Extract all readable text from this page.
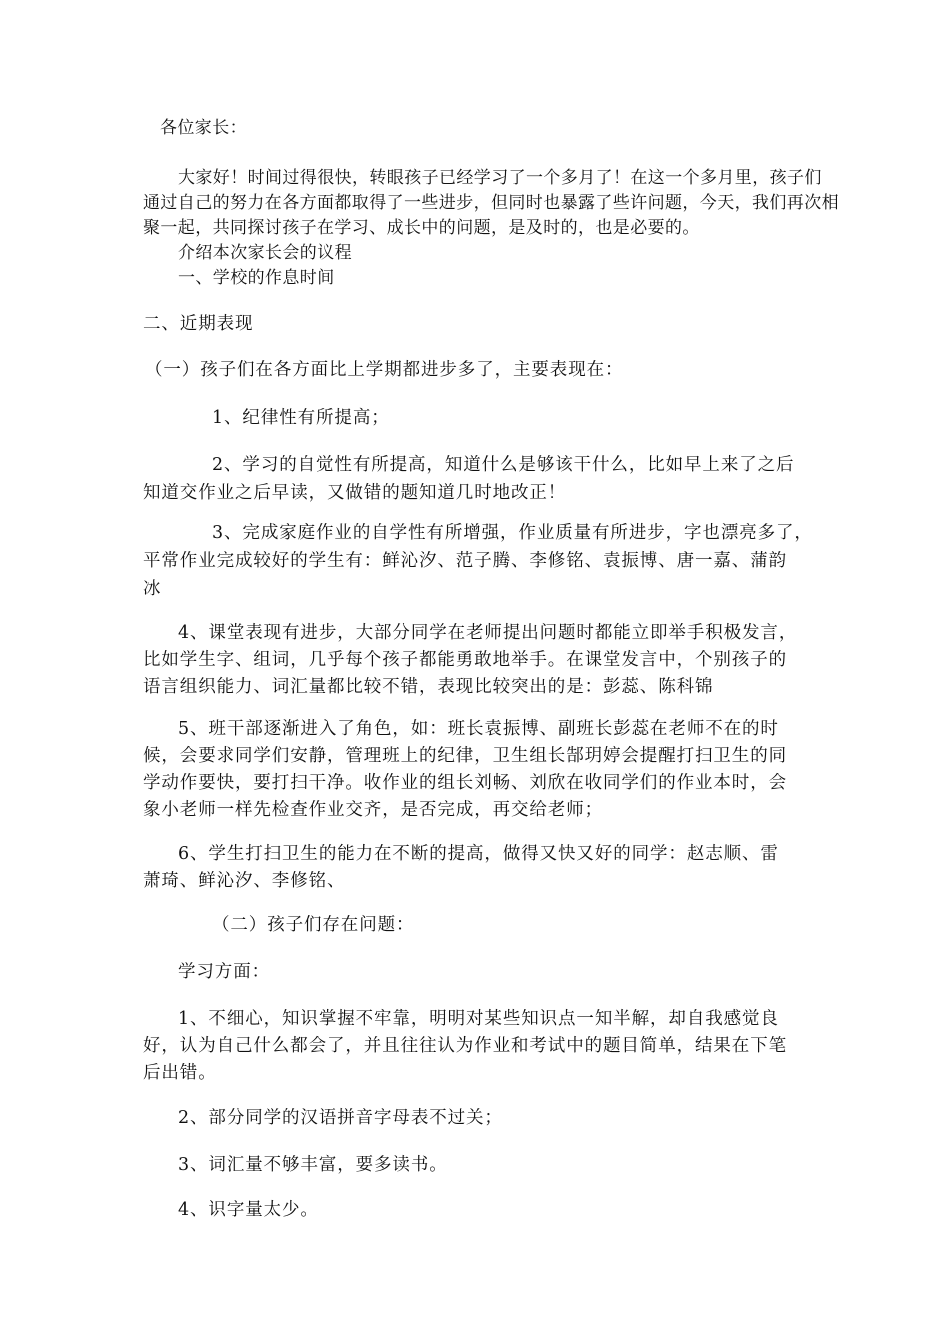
各位家长：
大家好！时间过得很快，转眼孩子已经学习了一个多月了！在这一个多月里，孩子们
通过自己的努力在各方面都取得了一些进步，但同时也暴露了些许问题，今天，我们再次相
聚一起，共同探讨孩子在学习、成长中的问题，是及时的，也是必要的。
介绍本次家长会的议程
一、学校的作息时间
二、近期表现
（一）孩子们在各方面比上学期都进步多了，主要表现在：
1、纪律性有所提高；
2、学习的自觉性有所提高，知道什么是够该干什么，比如早上来了之后
知道交作业之后早读，又做错的题知道几时地改正！
3、完成家庭作业的自学性有所增强，作业质量有所进步，字也漂亮多了，
平常作业完成较好的学生有：鲜沁汐、范子腾、李修铭、袁振博、唐一嘉、蒲韵
冰
4、课堂表现有进步，大部分同学在老师提出问题时都能立即举手积极发言，
比如学生字、组词，几乎每个孩子都能勇敢地举手。在课堂发言中，个别孩子的
语言组织能力、词汇量都比较不错，表现比较突出的是：彭蕊、陈科锦
5、班干部逐渐进入了角色，如：班长袁振博、副班长彭蕊在老师不在的时
候，会要求同学们安静，管理班上的纪律，卫生组长郜玥婷会提醒打扫卫生的同
学动作要快，要打扫干净。收作业的组长刘畅、刘欣在收同学们的作业本时，会
象小老师一样先检查作业交齐，是否完成，再交给老师；
6、学生打扫卫生的能力在不断的提高，做得又快又好的同学：赵志顺、雷
萧琦、鲜沁汐、李修铭、
（二）孩子们存在问题：
学习方面：
1、不细心，知识掌握不牢靠，明明对某些知识点一知半解，却自我感觉良
好，认为自己什么都会了，并且往往认为作业和考试中的题目简单，结果在下笔
后出错。
2、部分同学的汉语拼音字母表不过关；
3、词汇量不够丰富，要多读书。
4、识字量太少。
